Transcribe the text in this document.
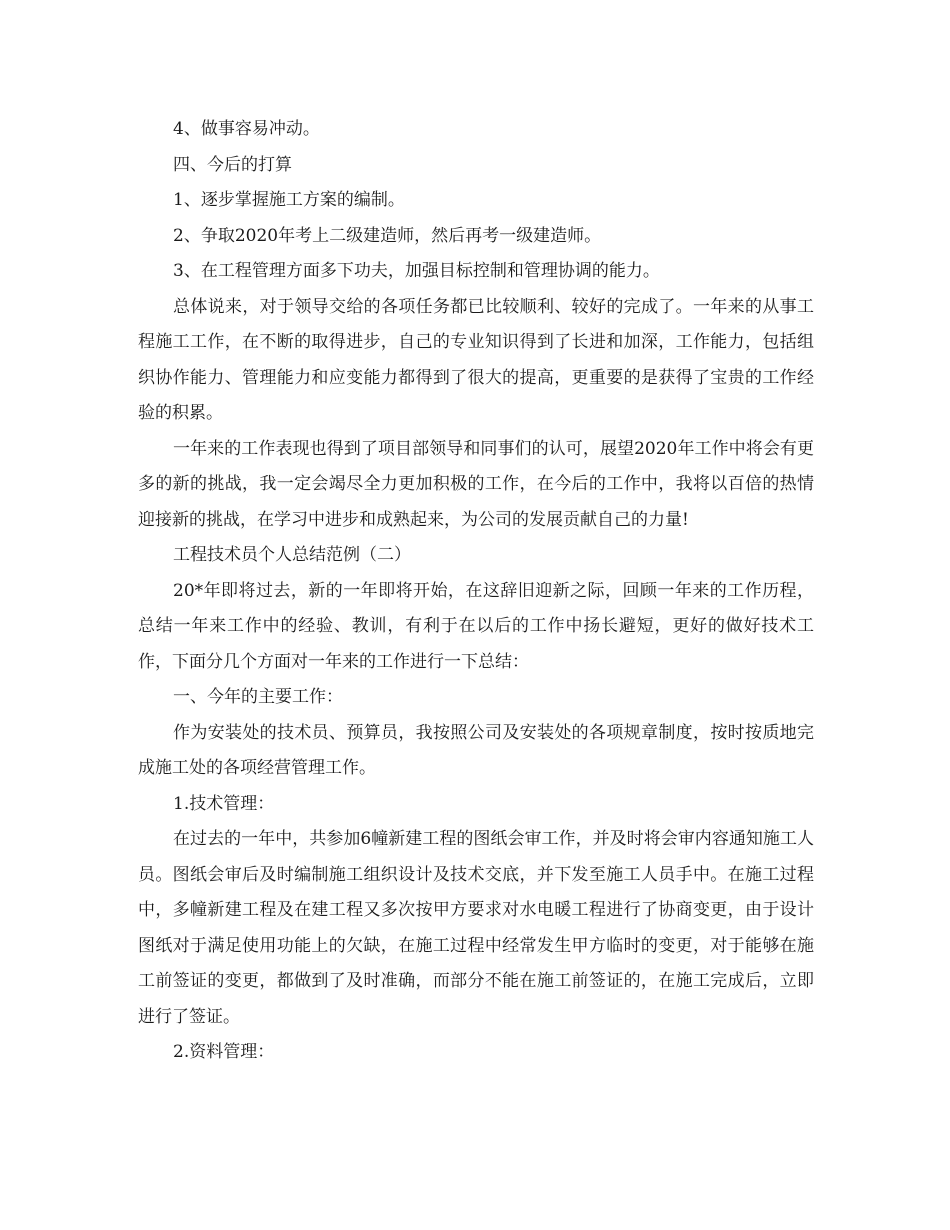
4、做事容易冲动。

四、今后的打算

1、逐步掌握施工方案的编制。

2、争取2020年考上二级建造师，然后再考一级建造师。

3、在工程管理方面多下功夫，加强目标控制和管理协调的能力。

总体说来，对于领导交给的各项任务都已比较顺利、较好的完成了。一年来的从事工程施工工作，在不断的取得进步，自己的专业知识得到了长进和加深，工作能力，包括组织协作能力、管理能力和应变能力都得到了很大的提高，更重要的是获得了宝贵的工作经验的积累。

一年来的工作表现也得到了项目部领导和同事们的认可，展望2020年工作中将会有更多的新的挑战，我一定会竭尽全力更加积极的工作，在今后的工作中，我将以百倍的热情迎接新的挑战，在学习中进步和成熟起来，为公司的发展贡献自己的力量!

工程技术员个人总结范例（二）

20*年即将过去，新的一年即将开始，在这辞旧迎新之际，回顾一年来的工作历程，总结一年来工作中的经验、教训，有利于在以后的工作中扬长避短，更好的做好技术工作，下面分几个方面对一年来的工作进行一下总结：

一、今年的主要工作：

作为安装处的技术员、预算员，我按照公司及安装处的各项规章制度，按时按质地完成施工处的各项经营管理工作。

1.技术管理：

在过去的一年中，共参加6幢新建工程的图纸会审工作，并及时将会审内容通知施工人员。图纸会审后及时编制施工组织设计及技术交底，并下发至施工人员手中。在施工过程中，多幢新建工程及在建工程又多次按甲方要求对水电暖工程进行了协商变更，由于设计图纸对于满足使用功能上的欠缺，在施工过程中经常发生甲方临时的变更，对于能够在施工前签证的变更，都做到了及时准确，而部分不能在施工前签证的，在施工完成后，立即进行了签证。

2.资料管理：
